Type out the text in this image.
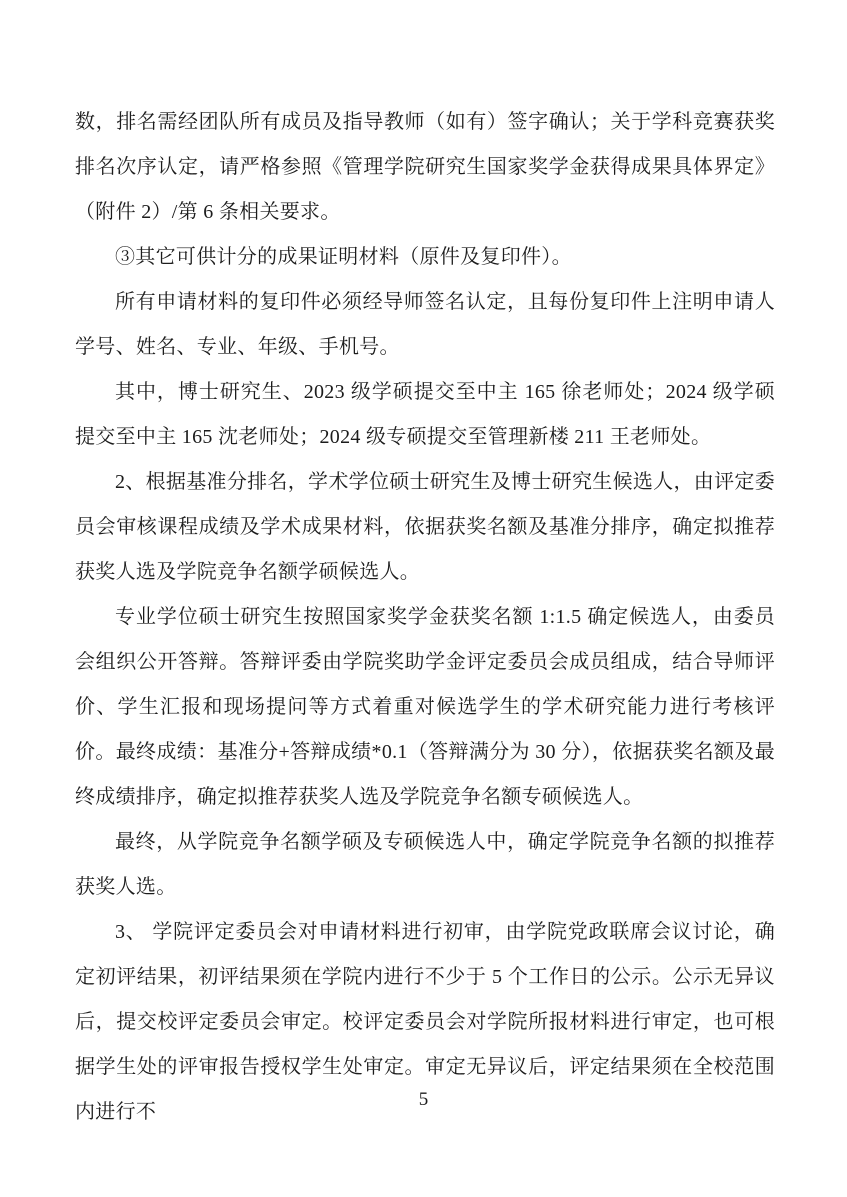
数，排名需经团队所有成员及指导教师（如有）签字确认；关于学科竞赛获奖排名次序认定，请严格参照《管理学院研究生国家奖学金获得成果具体界定》（附件 2）/第 6 条相关要求。

③其它可供计分的成果证明材料（原件及复印件）。

所有申请材料的复印件必须经导师签名认定，且每份复印件上注明申请人学号、姓名、专业、年级、手机号。

其中，博士研究生、2023 级学硕提交至中主 165 徐老师处；2024 级学硕提交至中主 165 沈老师处；2024 级专硕提交至管理新楼 211 王老师处。

2、根据基准分排名，学术学位硕士研究生及博士研究生候选人，由评定委员会审核课程成绩及学术成果材料，依据获奖名额及基准分排序，确定拟推荐获奖人选及学院竞争名额学硕候选人。

专业学位硕士研究生按照国家奖学金获奖名额 1:1.5 确定候选人，由委员会组织公开答辩。答辩评委由学院奖助学金评定委员会成员组成，结合导师评价、学生汇报和现场提问等方式着重对候选学生的学术研究能力进行考核评价。最终成绩：基准分+答辩成绩*0.1（答辩满分为 30 分），依据获奖名额及最终成绩排序，确定拟推荐获奖人选及学院竞争名额专硕候选人。

最终，从学院竞争名额学硕及专硕候选人中，确定学院竞争名额的拟推荐获奖人选。

3、 学院评定委员会对申请材料进行初审，由学院党政联席会议讨论，确定初评结果，初评结果须在学院内进行不少于 5 个工作日的公示。公示无异议后，提交校评定委员会审定。校评定委员会对学院所报材料进行审定，也可根据学生处的评审报告授权学生处审定。审定无异议后，评定结果须在全校范围内进行不

5
